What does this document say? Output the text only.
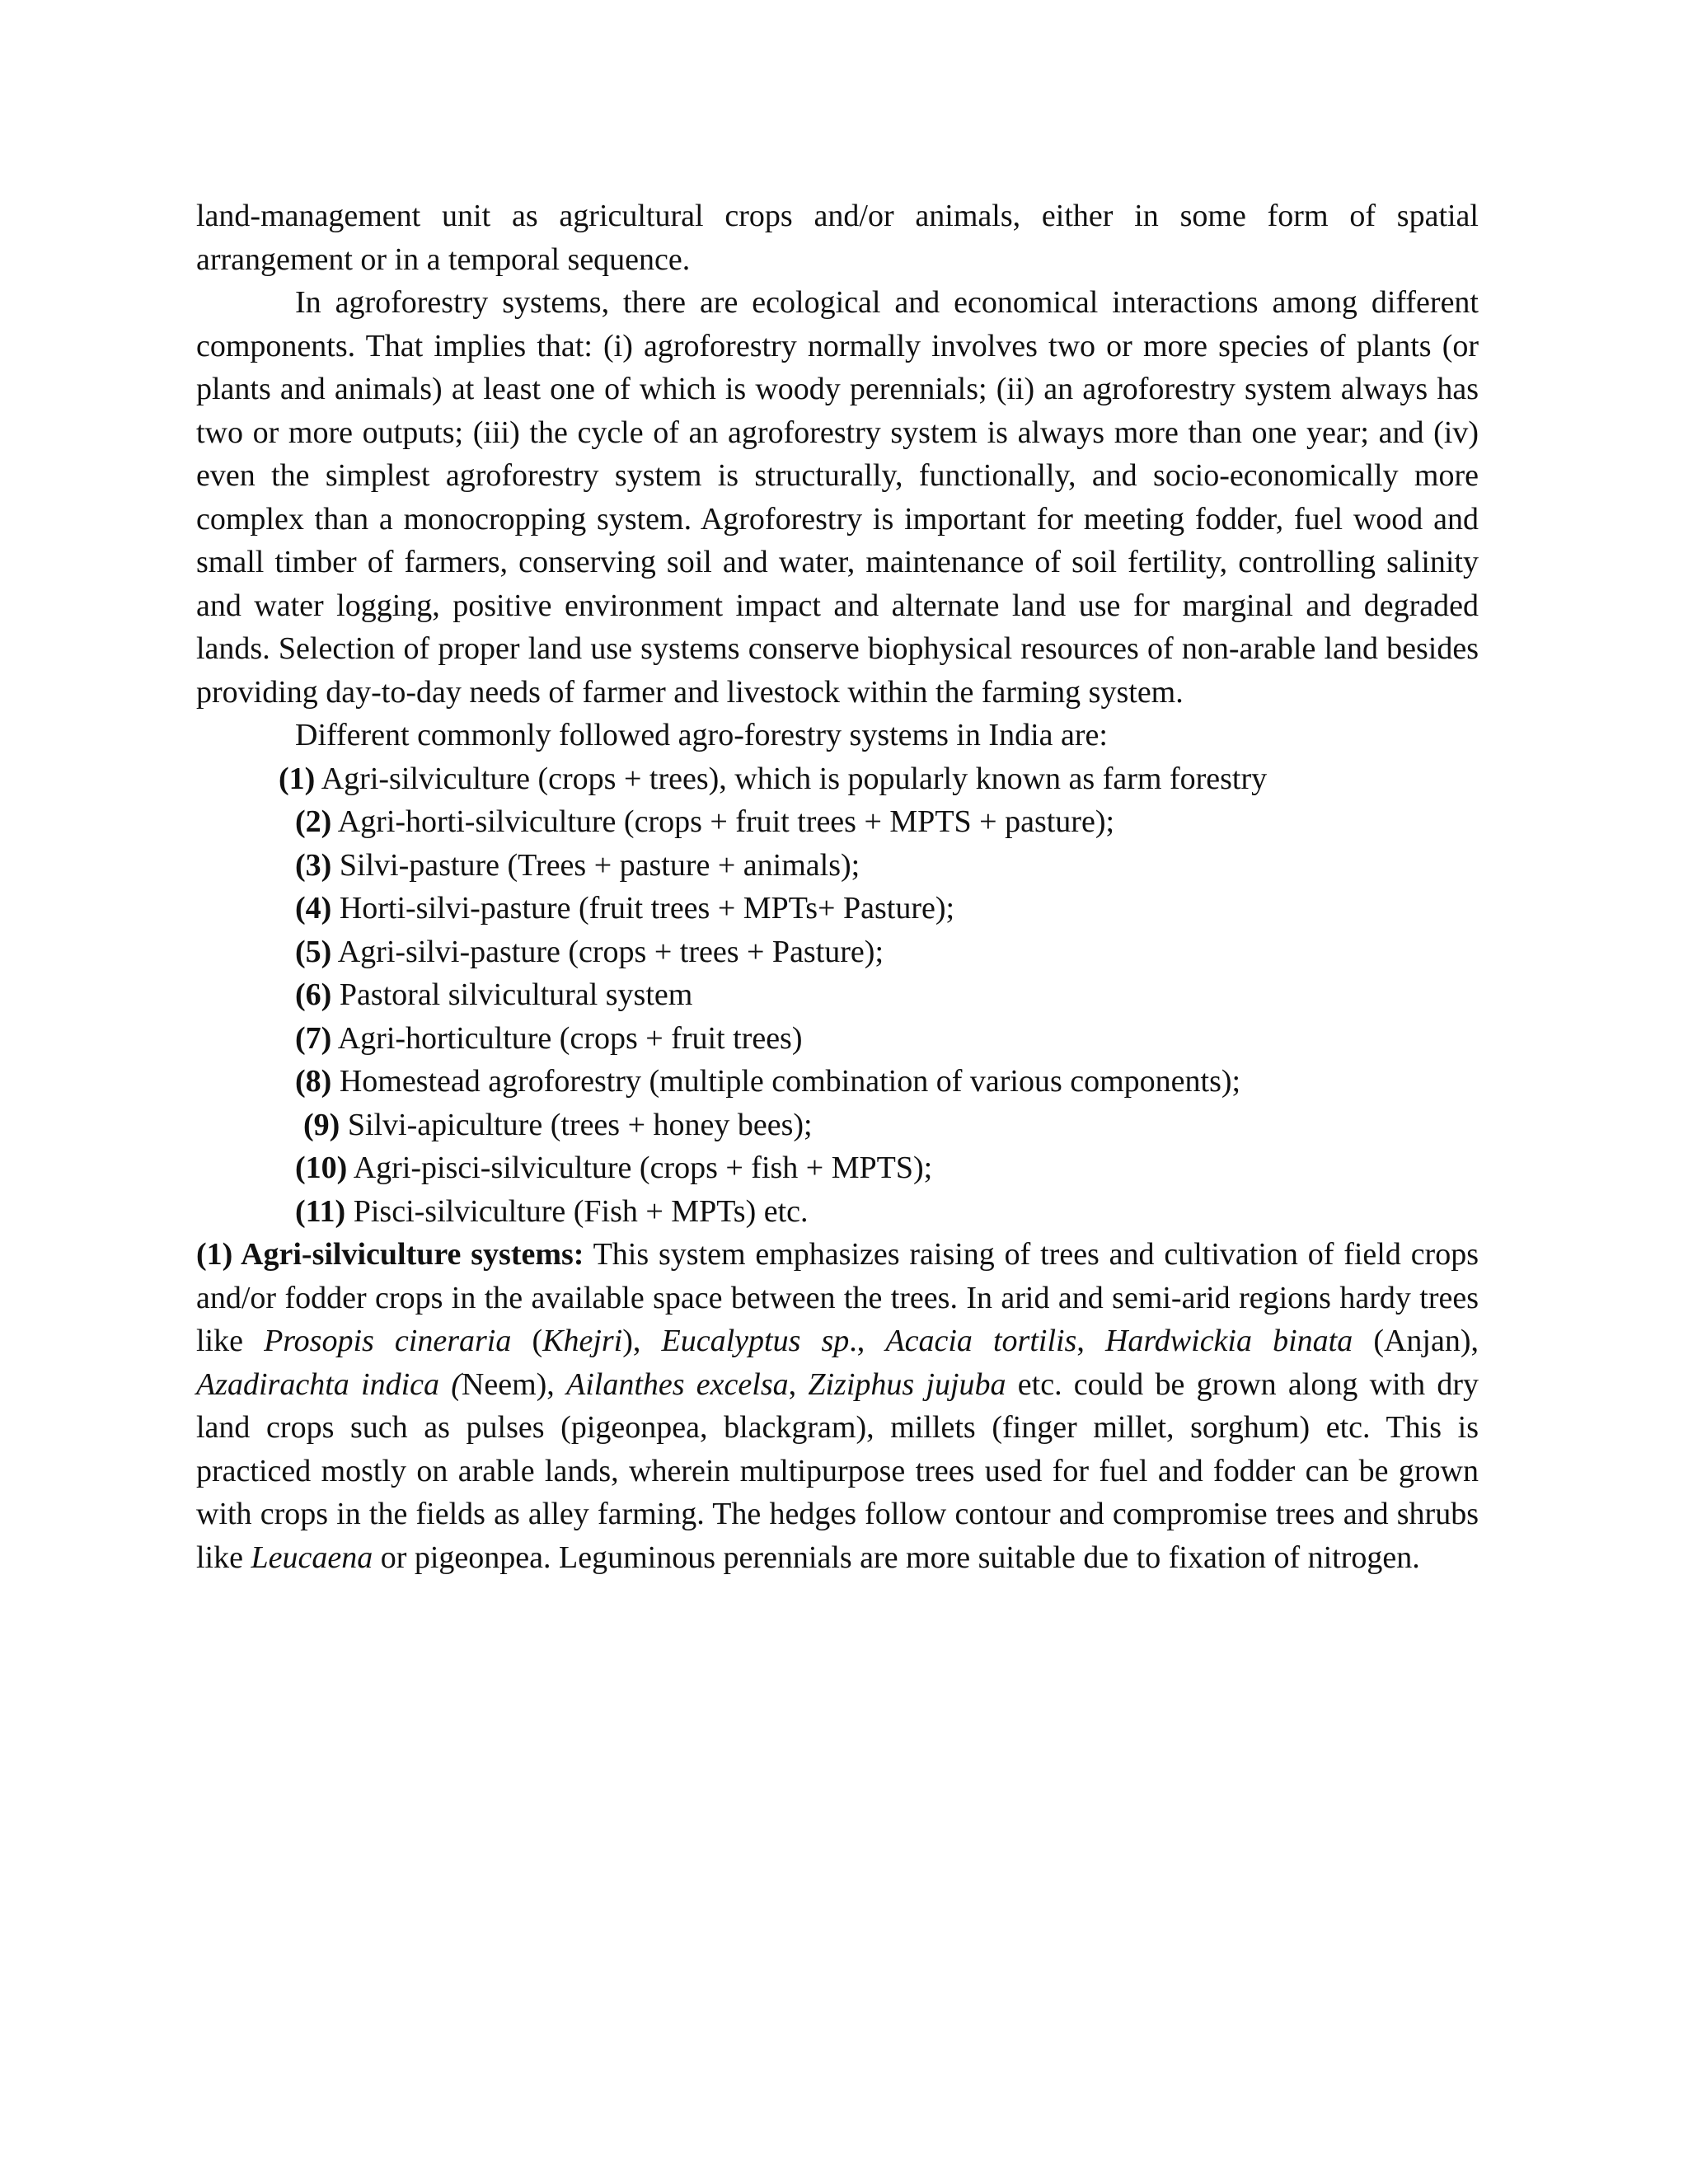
land-management unit as agricultural crops and/or animals, either in some form of spatial arrangement or in a temporal sequence.

In agroforestry systems, there are ecological and economical interactions among different components. That implies that: (i) agroforestry normally involves two or more species of plants (or plants and animals) at least one of which is woody perennials; (ii) an agroforestry system always has two or more outputs; (iii) the cycle of an agroforestry system is always more than one year; and (iv) even the simplest agroforestry system is structurally, functionally, and socio-economically more complex than a monocropping system. Agroforestry is important for meeting fodder, fuel wood and small timber of farmers, conserving soil and water, maintenance of soil fertility, controlling salinity and water logging, positive environment impact and alternate land use for marginal and degraded lands. Selection of proper land use systems conserve biophysical resources of non-arable land besides providing day-to-day needs of farmer and livestock within the farming system.

Different commonly followed agro-forestry systems in India are:

(1) Agri-silviculture (crops + trees), which is popularly known as farm forestry
(2) Agri-horti-silviculture (crops + fruit trees + MPTS + pasture);
(3) Silvi-pasture (Trees + pasture + animals);
(4) Horti-silvi-pasture (fruit trees + MPTs+ Pasture);
(5) Agri-silvi-pasture (crops + trees + Pasture);
(6) Pastoral silvicultural system
(7) Agri-horticulture (crops + fruit trees)
(8) Homestead agroforestry (multiple combination of various components);
(9) Silvi-apiculture (trees + honey bees);
(10) Agri-pisci-silviculture (crops + fish + MPTS);
(11) Pisci-silviculture (Fish + MPTs) etc.

(1) Agri-silviculture systems: This system emphasizes raising of trees and cultivation of field crops and/or fodder crops in the available space between the trees. In arid and semi-arid regions hardy trees like Prosopis cineraria (Khejri), Eucalyptus sp., Acacia tortilis, Hardwickia binata (Anjan), Azadirachta indica (Neem), Ailanthes excelsa, Ziziphus jujuba etc. could be grown along with dry land crops such as pulses (pigeonpea, blackgram), millets (finger millet, sorghum) etc. This is practiced mostly on arable lands, wherein multipurpose trees used for fuel and fodder can be grown with crops in the fields as alley farming. The hedges follow contour and compromise trees and shrubs like Leucaena or pigeonpea. Leguminous perennials are more suitable due to fixation of nitrogen.
